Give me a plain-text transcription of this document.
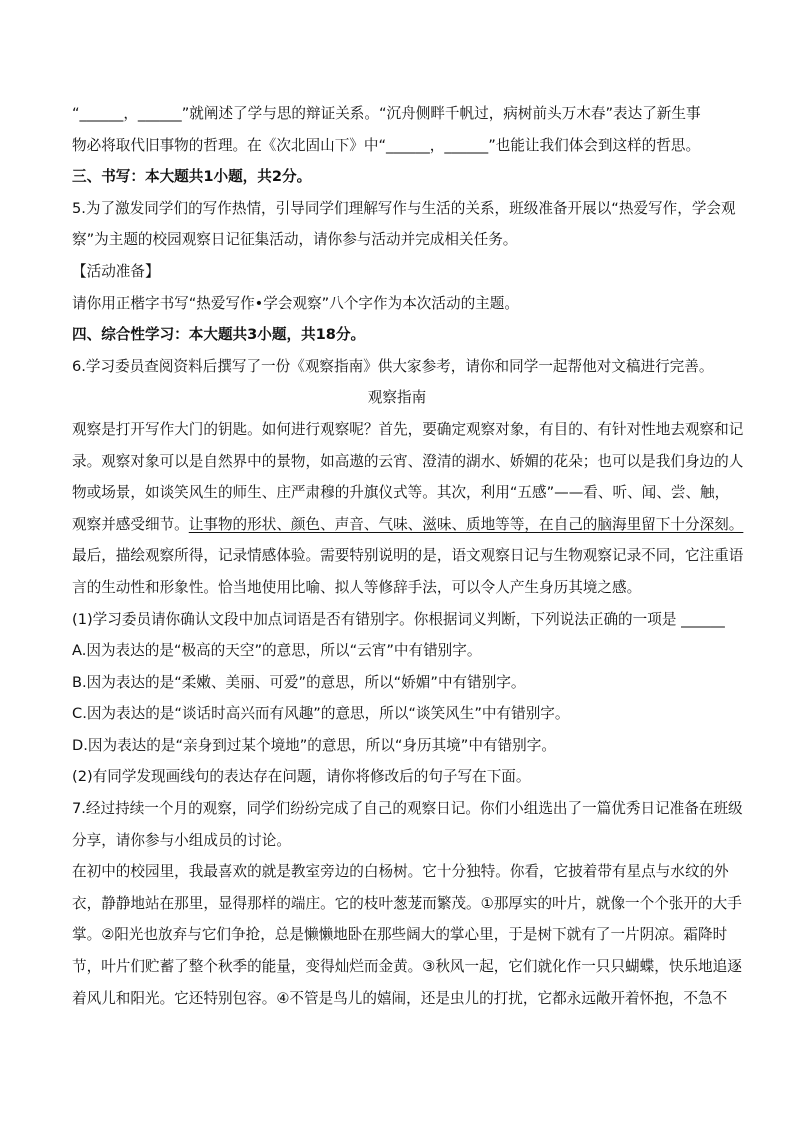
“______，______”就阐述了学与思的辩证关系。“沉舟侧畔千帆过，病树前头万木春”表达了新生事
物必将取代旧事物的哲理。在《次北固山下》中“______，______”也能让我们体会到这样的哲思。
三、书写：本大题共1小题，共2分。
5.为了激发同学们的写作热情，引导同学们理解写作与生活的关系，班级准备开展以“热爱写作，学会观
察”为主题的校园观察日记征集活动，请你参与活动并完成相关任务。
【活动准备】
请你用正楷字书写“热爱写作•学会观察”八个字作为本次活动的主题。
四、综合性学习：本大题共3小题，共18分。
6.学习委员查阅资料后撰写了一份《观察指南》供大家参考，请你和同学一起帮他对文稿进行完善。
观察指南
观察是打开写作大门的钥匙。如何进行观察呢？首先，要确定观察对象，有目的、有针对性地去观察和记
录。观察对象可以是自然界中的景物，如高遨的云宵、澄清的湖水、娇媚的花朵；也可以是我们身边的人
物或场景，如谈笑风生的师生、庄严肃穆的升旗仪式等。其次，利用“五感”——看、听、闻、尝、触，
观察并感受细节。让事物的形状、颜色、声音、气味、滋味、质地等等，在自己的脑海里留下十分深刻。
最后，描绘观察所得，记录情感体验。需要特别说明的是，语文观察日记与生物观察记录不同，它注重语
言的生动性和形象性。恰当地使用比喻、拟人等修辞手法，可以令人产生身历其境之感。
(1)学习委员请你确认文段中加点词语是否有错别字。你根据词义判断，下列说法正确的一项是 ______
A.因为表达的是“极高的天空”的意思，所以“云宵”中有错别字。
B.因为表达的是“柔嫩、美丽、可爱”的意思，所以“娇媚”中有错别字。
C.因为表达的是“谈话时高兴而有风趣”的意思，所以“谈笑风生”中有错别字。
D.因为表达的是“亲身到过某个境地”的意思，所以“身历其境”中有错别字。
(2)有同学发现画线句的表达存在问题，请你将修改后的句子写在下面。
7.经过持续一个月的观察，同学们纷纷完成了自己的观察日记。你们小组选出了一篇优秀日记准备在班级
分享，请你参与小组成员的讨论。
在初中的校园里，我最喜欢的就是教室旁边的白杨树。它十分独特。你看，它披着带有星点与水纹的外
衣，静静地站在那里，显得那样的端庄。它的枝叶葱茏而繁茂。①那厚实的叶片，就像一个个张开的大手
掌。②阳光也放弃与它们争抢，总是懒懒地卧在那些阔大的掌心里，于是树下就有了一片阴凉。霜降时
节，叶片们贮蓄了整个秋季的能量，变得灿烂而金黄。③秋风一起，它们就化作一只只蝴蝶，快乐地追逐
着风儿和阳光。它还特别包容。④不管是鸟儿的嬉闹，还是虫儿的打扰，它都永远敞开着怀抱，不急不
